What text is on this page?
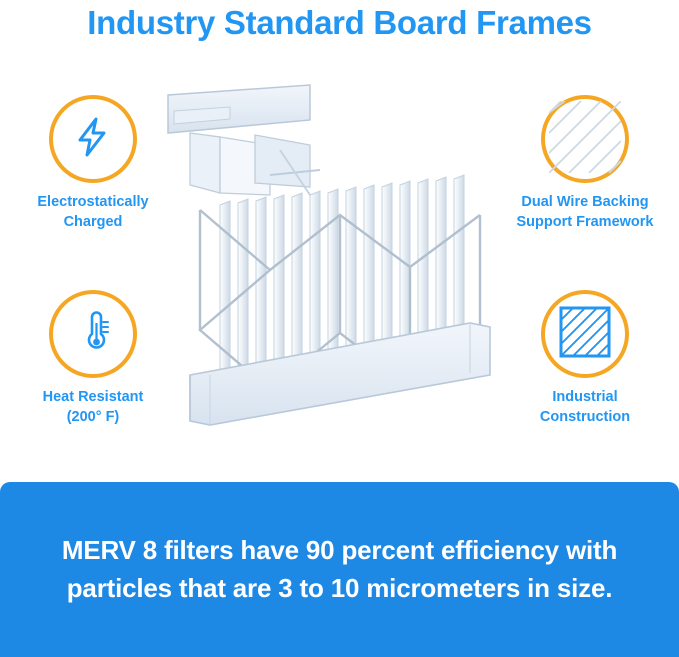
Industry Standard Board Frames
Electrostatically
Charged
Heat Resistant
(200° F)
Dual Wire Backing
Support Framework
Industrial
Construction
MERV 8 filters have 90 percent efficiency with particles that are 3 to 10 micrometers in size.
